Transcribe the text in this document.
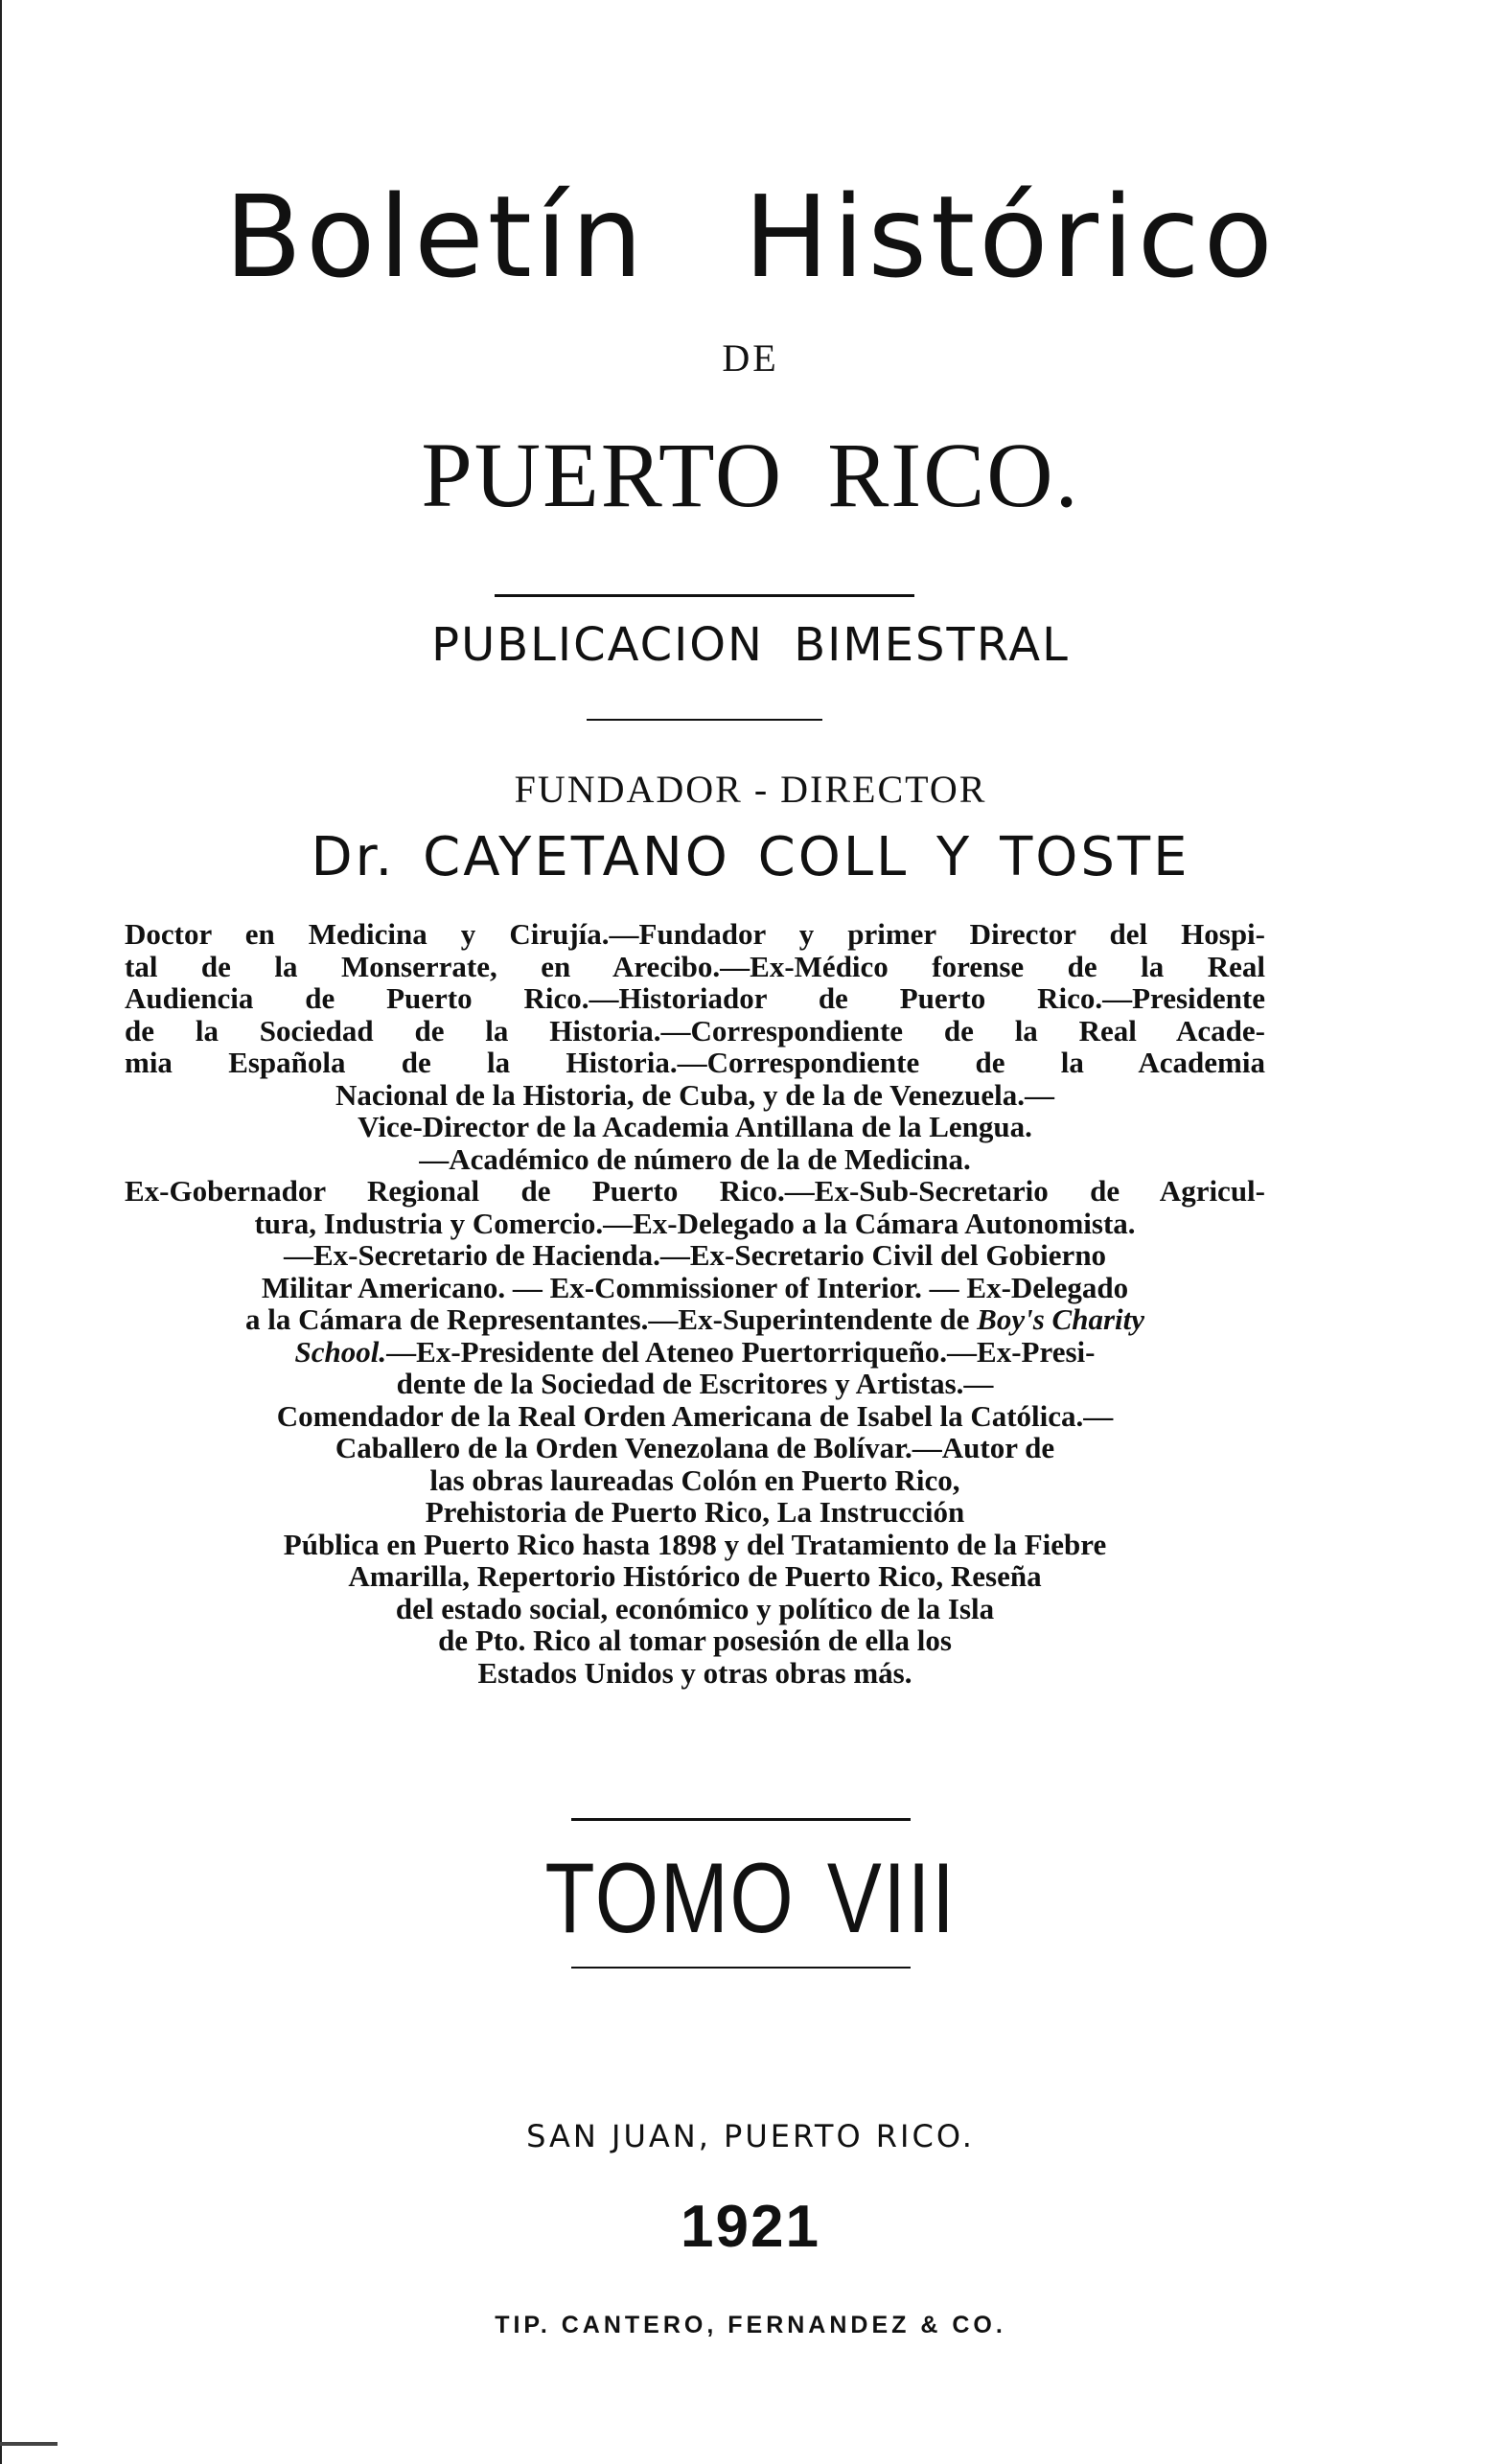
Boletín Histórico
DE
PUERTO RICO.
PUBLICACION BIMESTRAL
FUNDADOR - DIRECTOR
Dr. CAYETANO COLL Y TOSTE
Doctor en Medicina y Cirujía.—Fundador y primer Director del Hospi-
tal de la Monserrate, en Arecibo.—Ex-Médico forense de la Real
Audiencia de Puerto Rico.—Historiador de Puerto Rico.—Presidente
de la Sociedad de la Historia.—Correspondiente de la Real Acade-
mia Española de la Historia.—Correspondiente de la Academia
Nacional de la Historia, de Cuba, y de la de Venezuela.—
Vice-Director de la Academia Antillana de la Lengua.
—Académico de número de la de Medicina.
Ex-Gobernador Regional de Puerto Rico.—Ex-Sub-Secretario de Agricul-
tura, Industria y Comercio.—Ex-Delegado a la Cámara Autonomista.
—Ex-Secretario de Hacienda.—Ex-Secretario Civil del Gobierno
Militar Americano. — Ex-Commissioner of Interior. — Ex-Delegado
a la Cámara de Representantes.—Ex-Superintendente de Boy's Charity
School.—Ex-Presidente del Ateneo Puertorriqueño.—Ex-Presi-
dente de la Sociedad de Escritores y Artistas.—
Comendador de la Real Orden Americana de Isabel la Católica.—
Caballero de la Orden Venezolana de Bolívar.—Autor de
las obras laureadas Colón en Puerto Rico,
Prehistoria de Puerto Rico, La Instrucción
Pública en Puerto Rico hasta 1898 y del Tratamiento de la Fiebre
Amarilla, Repertorio Histórico de Puerto Rico, Reseña
del estado social, económico y político de la Isla
de Pto. Rico al tomar posesión de ella los
Estados Unidos y otras obras más.
TOMO VIII
SAN JUAN, PUERTO RICO.
1921
TIP. CANTERO, FERNANDEZ & CO.
